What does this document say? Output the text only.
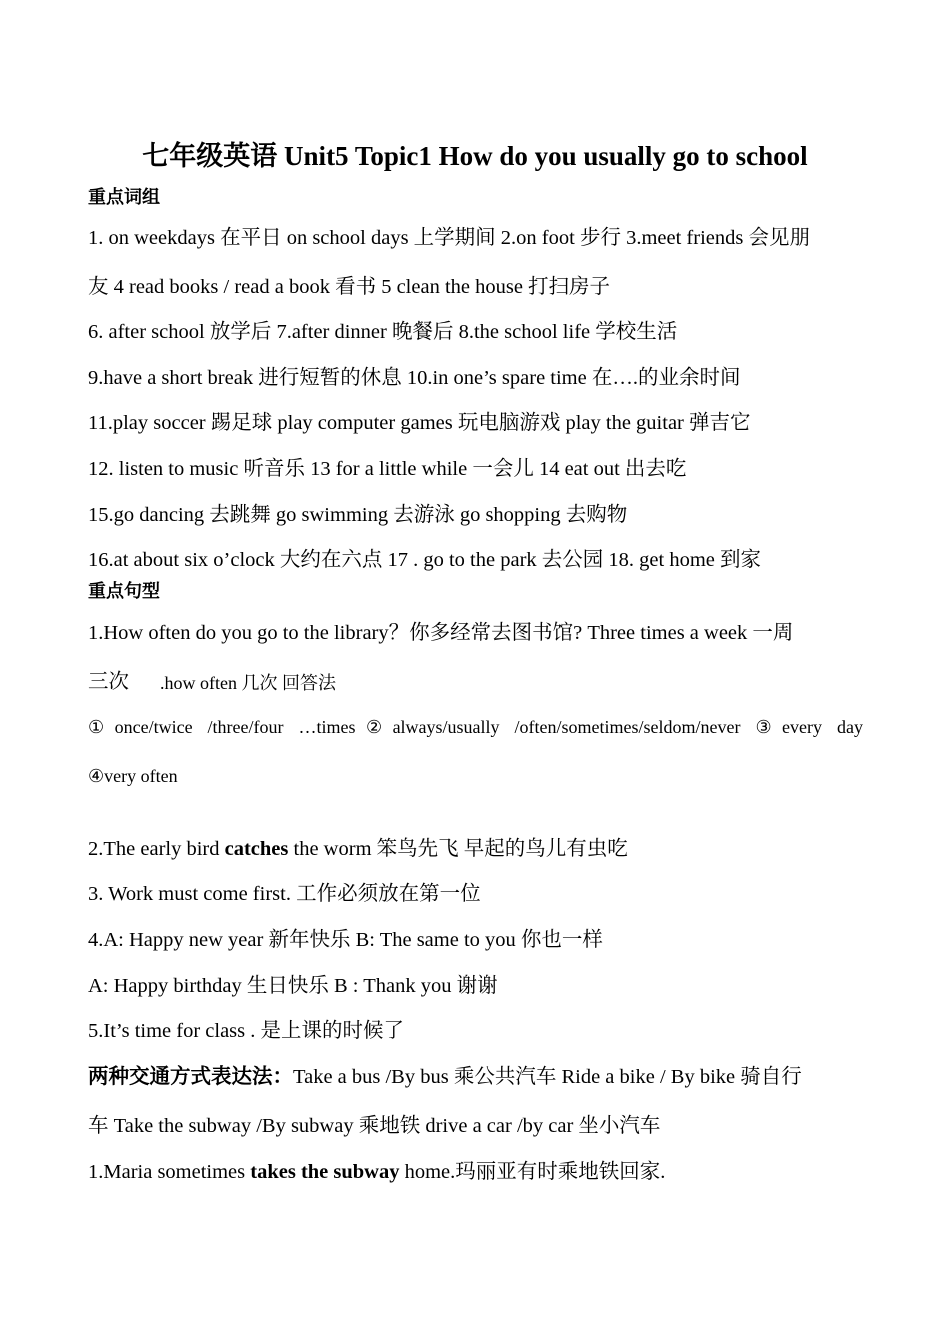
七年级英语 Unit5 Topic1 How do you usually go to school
重点词组
1. on weekdays 在平日 on school days 上学期间 2.on foot 步行 3.meet friends 会见朋
友 4 read books / read a book 看书 5 clean the house 打扫房子
6. after school 放学后 7.after dinner 晚餐后 8.the school life 学校生活
9.have a short break 进行短暂的休息 10.in one’s spare time 在….的业余时间
11.play soccer 踢足球 play computer games 玩电脑游戏 play the guitar 弹吉它
12. listen to music 听音乐 13 for a little while 一会儿 14 eat out 出去吃
15.go dancing 去跳舞 go swimming 去游泳 go shopping 去购物
16.at about six o’clock 大约在六点 17 . go to the park 去公园 18. get home 到家
重点句型
1.How often do you go to the library？你多经常去图书馆? Three times a week 一周
三次 .how often 几次 回答法
①once/twice /three/four …times②always/usually /often/sometimes/seldom/never ③every day
④very often
2.The early bird catches the worm 笨鸟先飞 早起的鸟儿有虫吃
3. Work must come first. 工作必须放在第一位
4.A: Happy new year 新年快乐 B: The same to you 你也一样
A: Happy birthday 生日快乐 B : Thank you 谢谢
5.It’s time for class . 是上课的时候了
两种交通方式表达法：Take a bus /By bus 乘公共汽车 Ride a bike / By bike 骑自行
车 Take the subway /By subway 乘地铁 drive a car /by car 坐小汽车
1.Maria sometimes takes the subway home.玛丽亚有时乘地铁回家.
